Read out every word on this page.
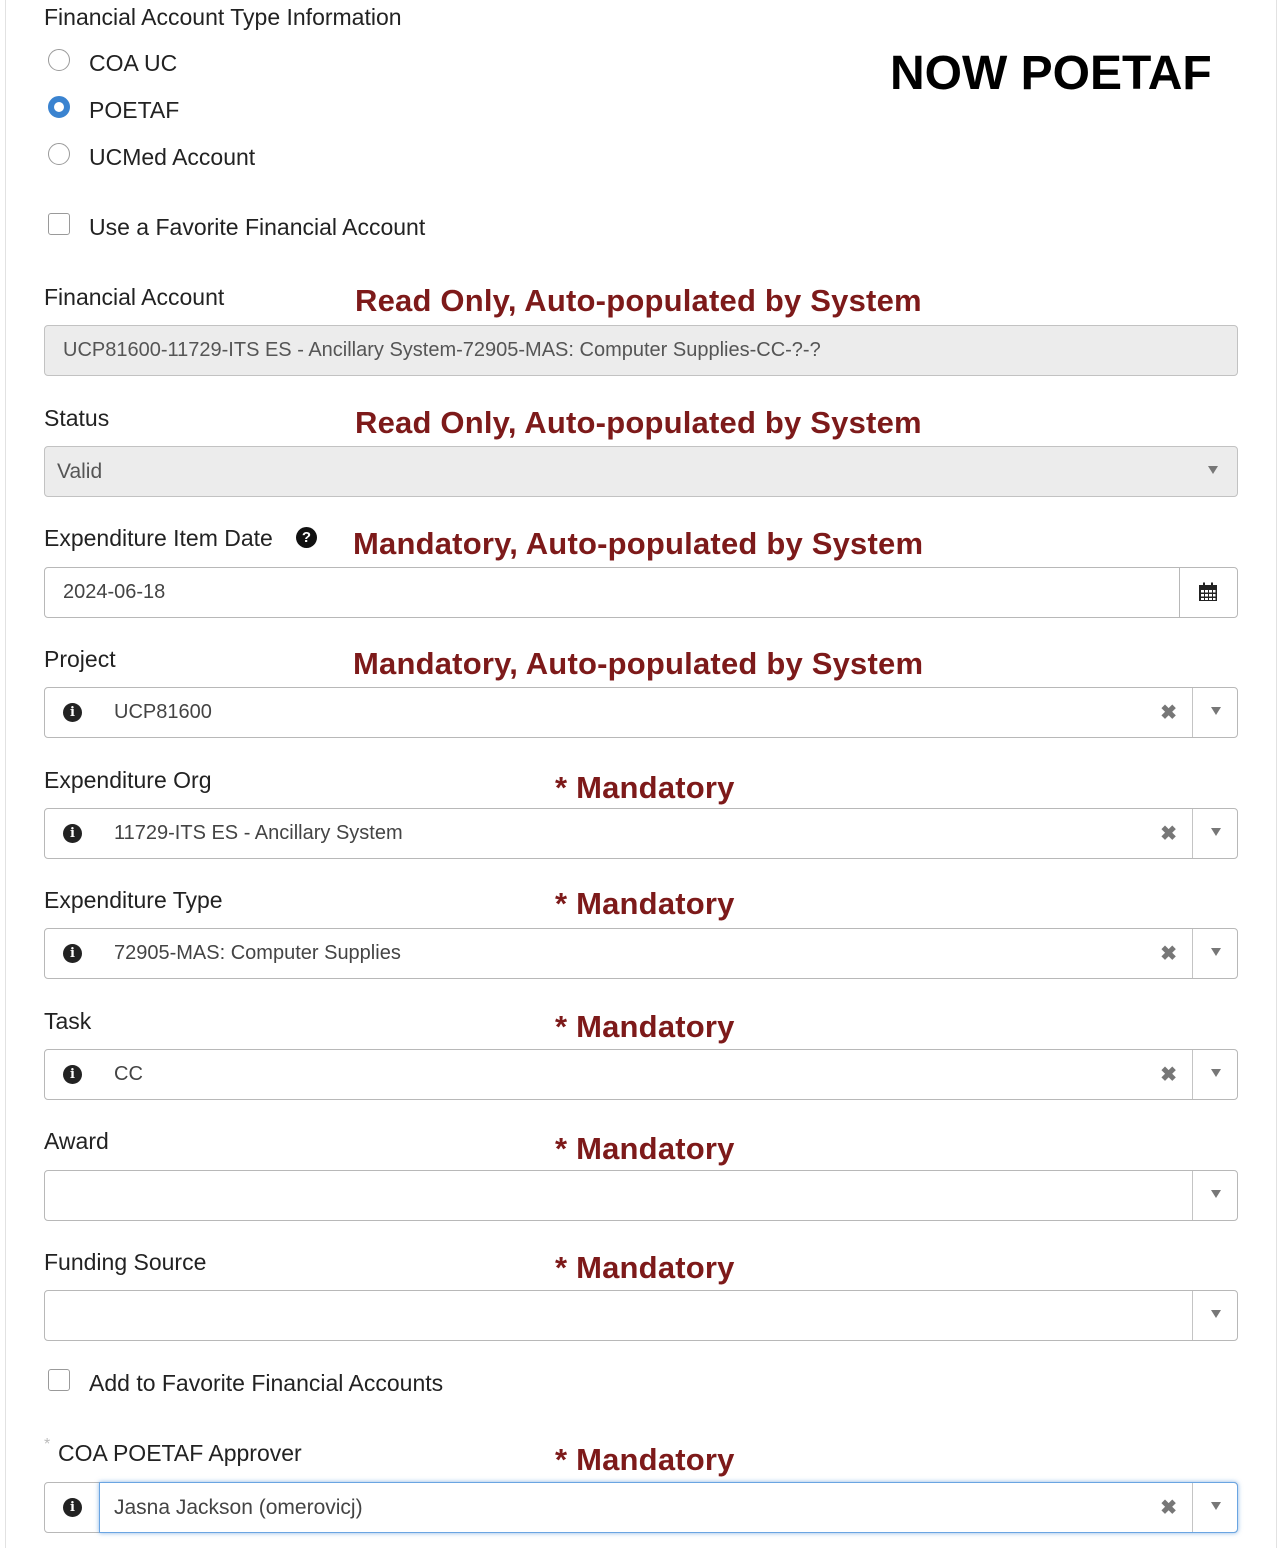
Financial Account Type Information
NOW POETAF
COA UC
POETAF
UCMed Account
Use a Favorite Financial Account
Financial Account	Read Only, Auto-populated by System
UCP81600-11729-ITS ES - Ancillary System-72905-MAS: Computer Supplies-CC-?-?
Status	Read Only, Auto-populated by System
Valid
Expenditure Item Date	? Mandatory, Auto-populated by System
2024-06-18
Project	Mandatory, Auto-populated by System
i	UCP81600	✖
Expenditure Org	* Mandatory
i	11729-ITS ES - Ancillary System	✖
Expenditure Type	* Mandatory
i	72905-MAS: Computer Supplies	✖
Task	* Mandatory
i	CC	✖
Award	* Mandatory
Funding Source	* Mandatory
Add to Favorite Financial Accounts
* COA POETAF Approver	* Mandatory
i	Jasna Jackson (omerovicj)	✖
